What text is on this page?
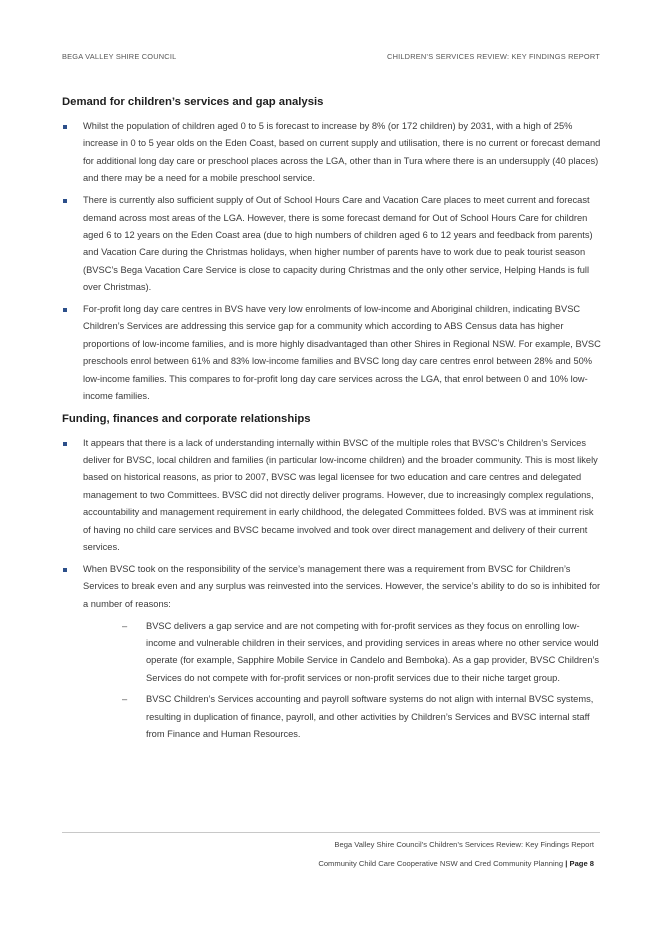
BEGA VALLEY SHIRE COUNCIL	CHILDREN’S SERVICES REVIEW: KEY FINDINGS REPORT
Demand for children’s services and gap analysis
Whilst the population of children aged 0 to 5 is forecast to increase by 8% (or 172 children) by 2031, with a high of 25% increase in 0 to 5 year olds on the Eden Coast, based on current supply and utilisation, there is no current or forecast demand for additional long day care or preschool places across the LGA, other than in Tura where there is an undersupply (40 places) and there may be a need for a mobile preschool service.
There is currently also sufficient supply of Out of School Hours Care and Vacation Care places to meet current and forecast demand across most areas of the LGA. However, there is some forecast demand for Out of School Hours Care for children aged 6 to 12 years on the Eden Coast area (due to high numbers of children aged 6 to 12 years and feedback from parents) and Vacation Care during the Christmas holidays, when higher number of parents have to work due to peak tourist season (BVSC’s Bega Vacation Care Service is close to capacity during Christmas and the only other service, Helping Hands is full over Christmas).
For-profit long day care centres in BVS have very low enrolments of low-income and Aboriginal children, indicating BVSC Children’s Services are addressing this service gap for a community which according to ABS Census data has higher proportions of low-income families, and is more highly disadvantaged than other Shires in Regional NSW. For example, BVSC preschools enrol between 61% and 83% low-income families and BVSC long day care centres enrol between 28% and 50% low-income families. This compares to for-profit long day care services across the LGA, that enrol between 0 and 10% low-income families.
Funding, finances and corporate relationships
It appears that there is a lack of understanding internally within BVSC of the multiple roles that BVSC’s Children’s Services deliver for BVSC, local children and families (in particular low-income children) and the broader community. This is most likely based on historical reasons, as prior to 2007, BVSC was legal licensee for two education and care centres and delegated management to two Committees. BVSC did not directly deliver programs. However, due to increasingly complex regulations, accountability and management requirement in early childhood, the delegated Committees folded. BVS was at imminent risk of having no child care services and BVSC became involved and took over direct management and delivery of their current services.
When BVSC took on the responsibility of the service’s management there was a requirement from BVSC for Children’s Services to break even and any surplus was reinvested into the services. However, the service’s ability to do so is inhibited for a number of reasons:
– BVSC delivers a gap service and are not competing with for-profit services as they focus on enrolling low-income and vulnerable children in their services, and providing services in areas where no other service would operate (for example, Sapphire Mobile Service in Candelo and Bemboka). As a gap provider, BVSC Children’s Services do not compete with for-profit services or non-profit services due to their niche target group.
– BVSC Children’s Services accounting and payroll software systems do not align with internal BVSC systems, resulting in duplication of finance, payroll, and other activities by Children’s Services and BVSC internal staff from Finance and Human Resources.
Bega Valley Shire Council’s Children’s Services Review: Key Findings Report
Community Child Care Cooperative NSW and Cred Community Planning | Page 8
